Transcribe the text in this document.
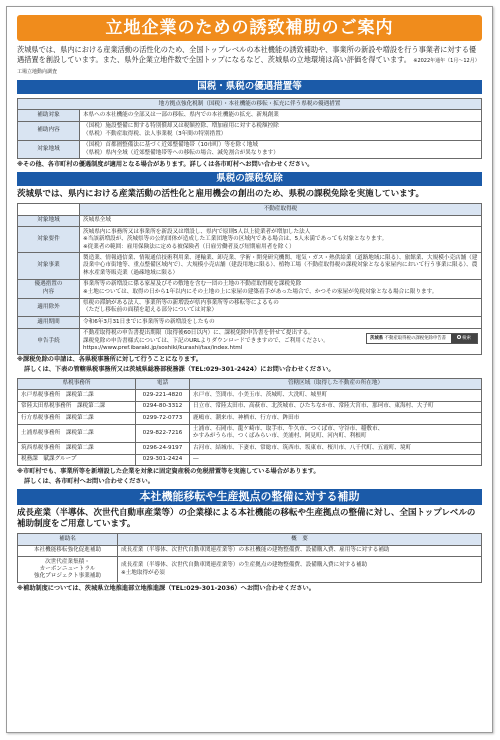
立地企業のための誘致補助のご案内
茨城県では、県内における産業活動の活性化のため、全国トップレベルの本社機能の誘致補助や、事業所の新設や増設を行う事業者に対する優遇措置を創設しています。また、県外企業立地件数で全国トップになるなど、茨城県の立地環境は高い評価を得ています。 ※2022年通年（1月～12月）工場立地動向調査
国税・県税の優遇措置等
地方拠点強化税制（国税）・本社機能の移転・拡充に伴う県税の優遇措置	
補助対象	本県への本社機能の全部又は一部の移転、県内での本社機能の拡充、新規創業
補助内容	（国税）施設整備に関する特別償却又は税額控除、増加雇用に対する税額控除
（県税）不動産取得税、法人事業税（3年間の特別措置）
対象地域	（国税）首都圏整備法に基づく近郊整備地帯（10市町）等を除く地域
（県税）県内全域（近郊整備地帯等への移転の場合、減免割合が異なります）
※その他、各市町村の優遇制度が適用となる場合があります。詳しくは各市町村へお問い合わせください。
県税の課税免除
茨城県では、県内における産業活動の活性化と雇用機会の創出のため、県税の課税免除を実施しています。
	不動産取得税
対象地域	茨城県全域
対象要件	茨城県内に事務所又は事業所を新設又は増設し、県内で原則5人以上従業者が増加した法人
※当該新増設が、茨城県等の公的団体が造成した工業団地等の区域内である場合は、5人未満であっても対象となります。
※従業者の範囲：雇用保険法に定める被保険者（日雇労働者及び短期雇用者を除く）
対象事業	製造業、情報通信業、情報通信技術利用業、運輸業、卸売業、学術・開発研究機関、電気・ガス・熱供給業（道路地域に限る）、旅館業、大規模小売店舗（建設業中心市街地等、重点整備区域内で）、大規模小売店舗（建設用地に限る）、植物工場（不動産取得税の課税対象となる家屋内において行う事業に限る）、農林水産業等販売業（過疎地域に限る）
優遇措置の
内容	事業所等の新増設に係る家屋及びその敷地を含む一団の土地の不動産取得税を課税免除
※土地については、取得の日から1年以内にその土地の上に家屋の建築着手があった場合で、かつその家屋が免税対象となる場合に限ります。
適用除外	県税の滞納がある法人、事業所等の新増設が県内事業所等の移転等によるもの
（ただし移転前の面積を超える部分については対象）
適用期間	令和6年3月31日までに事業所等の新増設をしたもの
申告手続	不動産取得税の申告書提出期限（取得後60日以内）に、課税免除申告書を併せて提出する。
課税免除の申告書様式については、下記のURLよりダウンロードできますので、ご利用ください。https://www.pref.ibaraki.jp/soshiki/kurashi/tax/index.html
茨城県 不動産取得税の課税免除申告書 検索
※課税免除の申請は、各県税事務所に対して行うことになります。
詳しくは、下表の管轄県税事務所又は茨城県総務部税務課（TEL:029-301-2424）にお問い合わせください。
県税事務所	電話	管轄区域（取得した不動産の所在地）
水戸県税事務所　課税第二課	029-221-4820	水戸市、笠間市、小美玉市、茨城町、大洗町、城里町
常陸太田県税事務所　課税第二課	0294-80-3312	日立市、常陸太田市、高萩市、北茨城市、ひたちなか市、常陸大宮市、那珂市、東海村、大子町
行方県税事務所　課税第二課	0299-72-0773	鹿嶋市、潮来市、神栖市、行方市、鉾田市
土浦県税事務所　課税第二課	029-822-7216	土浦市、石岡市、龍ケ崎市、取手市、牛久市、つくば市、守谷市、稲敷市、
かすみがうら市、つくばみらい市、美浦村、阿見町、河内町、利根町
筑西県税事務所　課税第二課	0296-24-9197	古河市、結城市、下妻市、常総市、筑西市、坂東市、桜川市、八千代町、五霞町、境町
税務課　賦課グループ	029-301-2424	―
※市町村でも、事業所等を新増設した企業を対象に固定資産税の免税措置等を実施している場合があります。
詳しくは、各市町村へお問い合わせください。
本社機能移転や生産拠点の整備に対する補助
成長産業（半導体、次世代自動車産業等）の企業様による本社機能の移転や生産拠点の整備に対し、全国トップレベルの補助制度をご用意しています。
補助名	概　要
本社機能移転強化促進補助	成長産業（半導体、次世代自動車関連産業等）の本社機能の建物整備費、設備購入費、雇用等に対する補助
次世代産業集積・
カーボンニュートラル
強化プロジェクト事業補助	成長産業（半導体、次世代自動車関連産業等）の生産拠点の建物整備費、設備購入費に対する補助
※土地取得が必須
※補助制度については、茨城県立地推進部立地推進課（TEL:029-301-2036）へお問い合わせください。
